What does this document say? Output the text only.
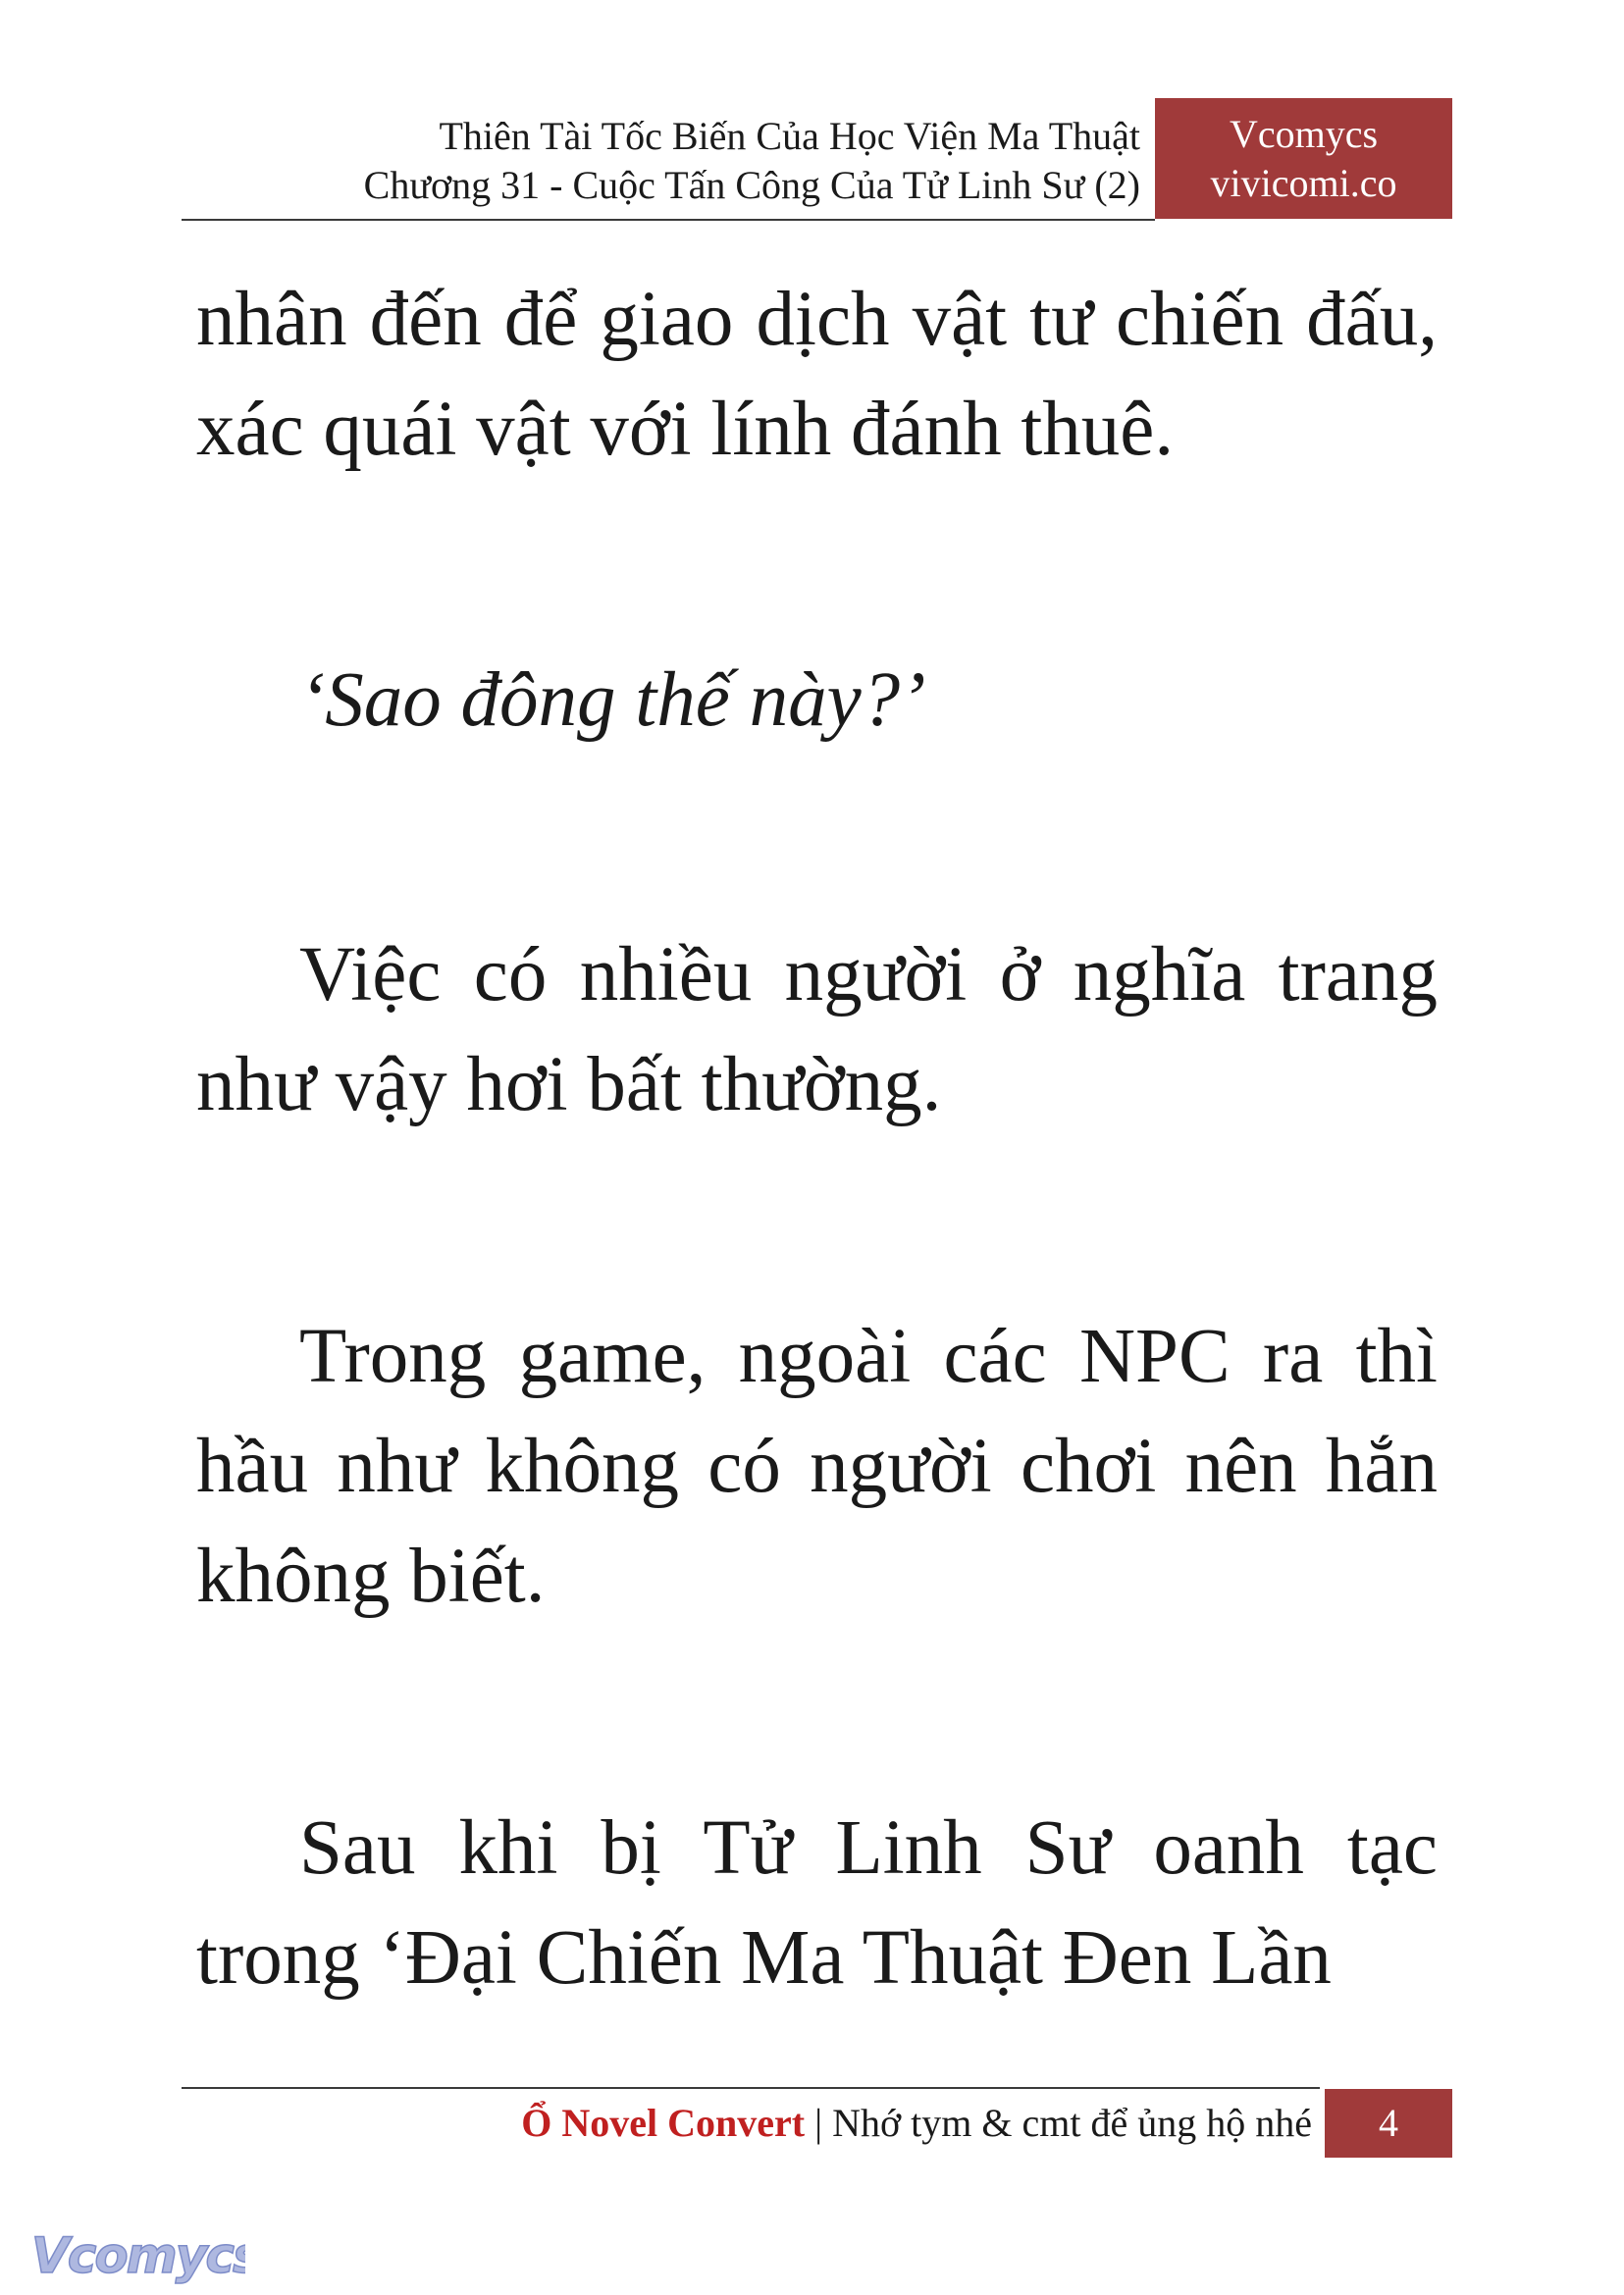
Thiên Tài Tốc Biến Của Học Viện Ma Thuật
Chương 31 - Cuộc Tấn Công Của Tử Linh Sư (2)
Vcomycs
vivicomi.co

nhân đến để giao dịch vật tư chiến đấu, xác quái vật với lính đánh thuê.

‘Sao đông thế này?’

Việc có nhiều người ở nghĩa trang như vậy hơi bất thường.

Trong game, ngoài các NPC ra thì hầu như không có người chơi nên hắn không biết.

Sau khi bị Tử Linh Sư oanh tạc trong ‘Đại Chiến Ma Thuật Đen Lần

Ổ Novel Convert | Nhớ tym & cmt để ủng hộ nhé	4
Vcomycs
